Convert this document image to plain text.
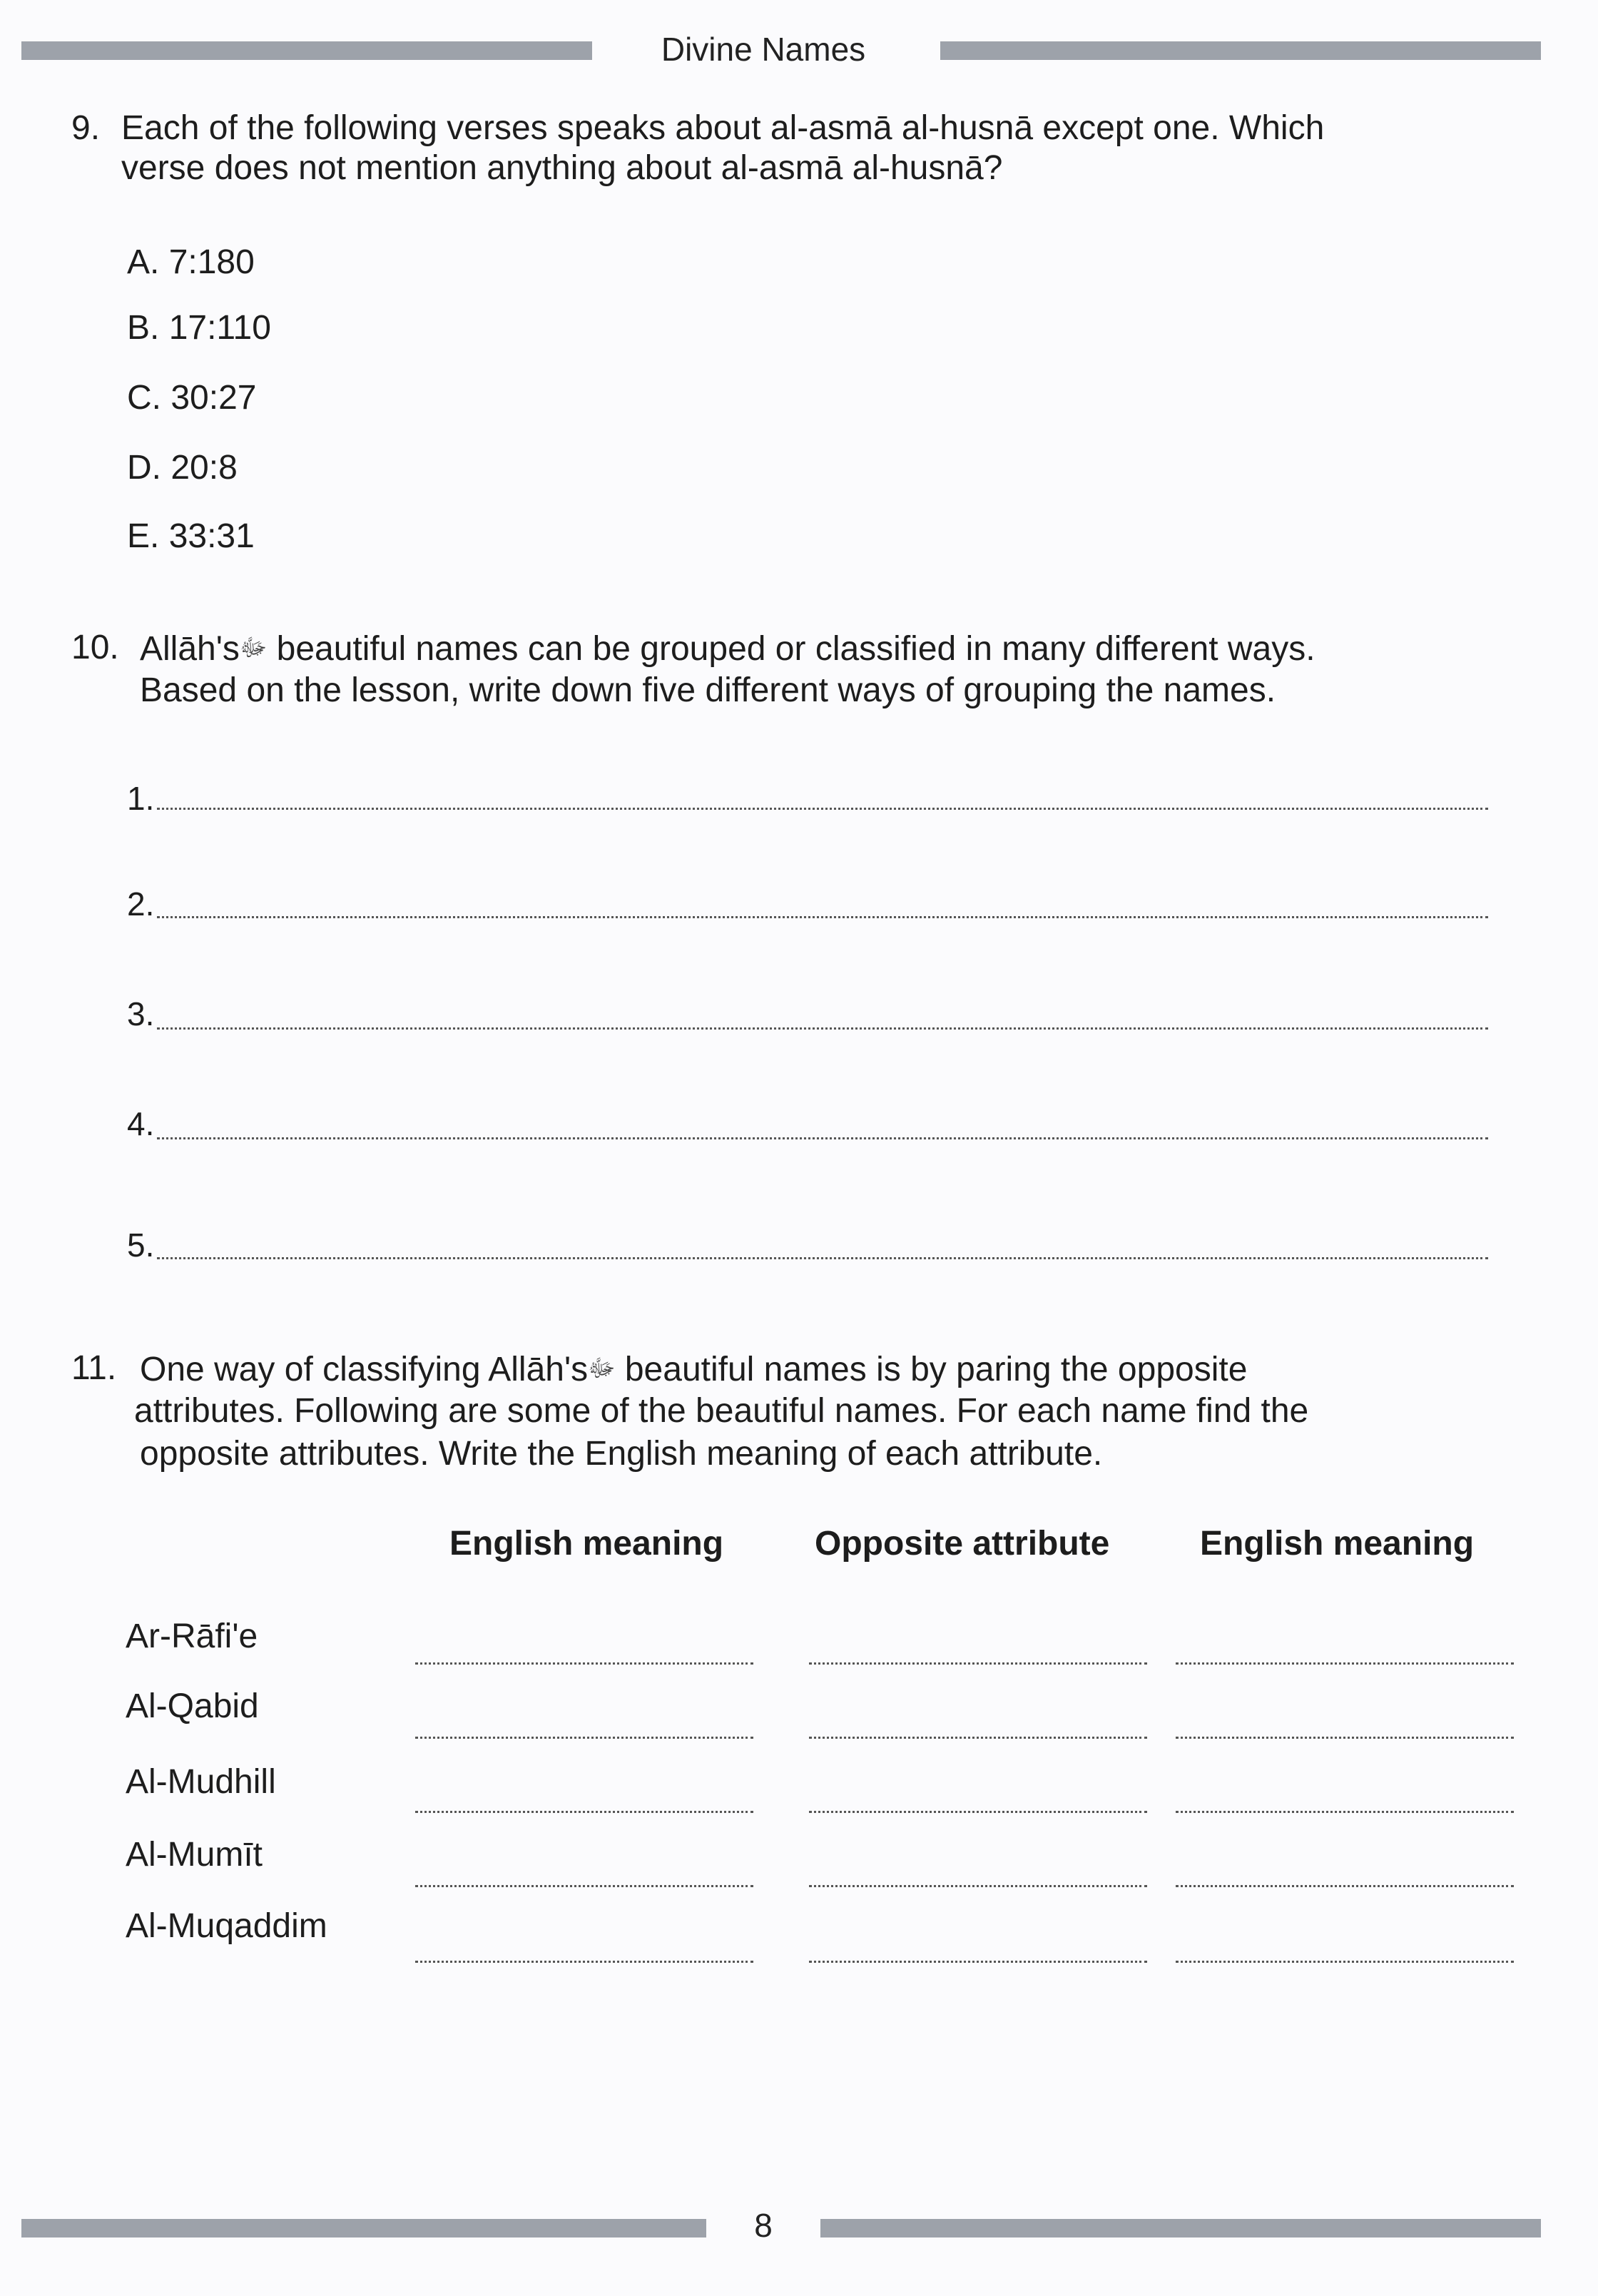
Divine Names
9. Each of the following verses speaks about al-asmā al-husnā except one. Which
verse does not mention anything about al-asmā al-husnā?
A. 7:180
B. 17:110
C. 30:27
D. 20:8
E. 33:31
10. Allāh'sﷻ beautiful names can be grouped or classified in many different ways.
Based on the lesson, write down five different ways of grouping the names.
1.
2.
3.
4.
5.
11. One way of classifying Allāh'sﷻ beautiful names is by paring the opposite
attributes. Following are some of the beautiful names. For each name find the
opposite attributes. Write the English meaning of each attribute.
English meaning	Opposite attribute	English meaning
Ar-Rāfi'e
Al-Qabid
Al-Mudhill
Al-Mumīt
Al-Muqaddim
8
